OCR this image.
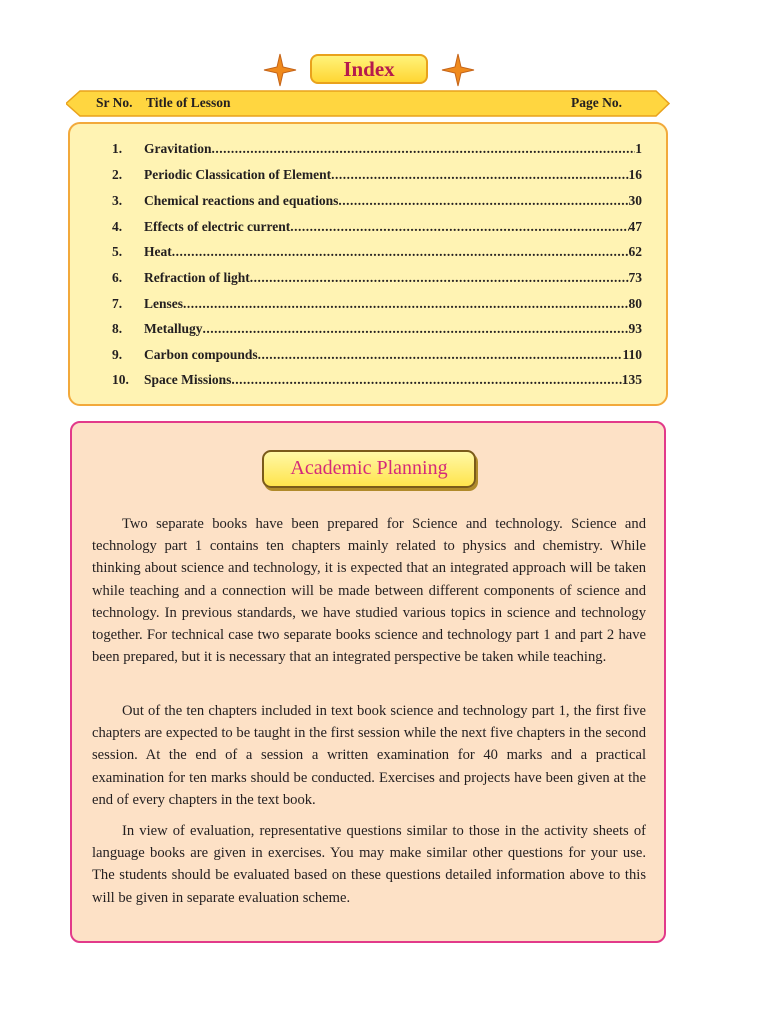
Index
Sr No. Title of Lesson	Page No.
1. Gravitation .....	1
2. Periodic Classication of Element .....	16
3. Chemical reactions and equations .....	30
4. Effects of electric current .....	47
5. Heat .....	62
6. Refraction of light .....	73
7. Lenses .....	80
8. Metallugy .....	93
9. Carbon compounds .....	110
10. Space Missions .....	135
Academic Planning

Two separate books have been prepared for Science and technology. Science and technology part 1 contains ten chapters mainly related to physics and chemistry. While thinking about science and technology, it is expected that an integrated approach will be taken while teaching and a connection will be made between different components of science and technology. In previous standards, we have studied various topics in science and technology together. For technical case two separate books science and technology part 1 and part 2 have been prepared, but it is necessary that an integrated perspective be taken while teaching.

Out of the ten chapters included in text book science and technology part 1, the first five chapters are expected to be taught in the first session while the next five chapters in the second session. At the end of a session a written examination for 40 marks and a practical examination for ten marks should be conducted. Exercises and projects have been given at the end of every chapters in the text book.

In view of evaluation, representative questions similar to those in the activity sheets of language books are given in exercises. You may make similar other questions for your use. The students should be evaluated based on these questions detailed information above to this will be given in separate evaluation scheme.
